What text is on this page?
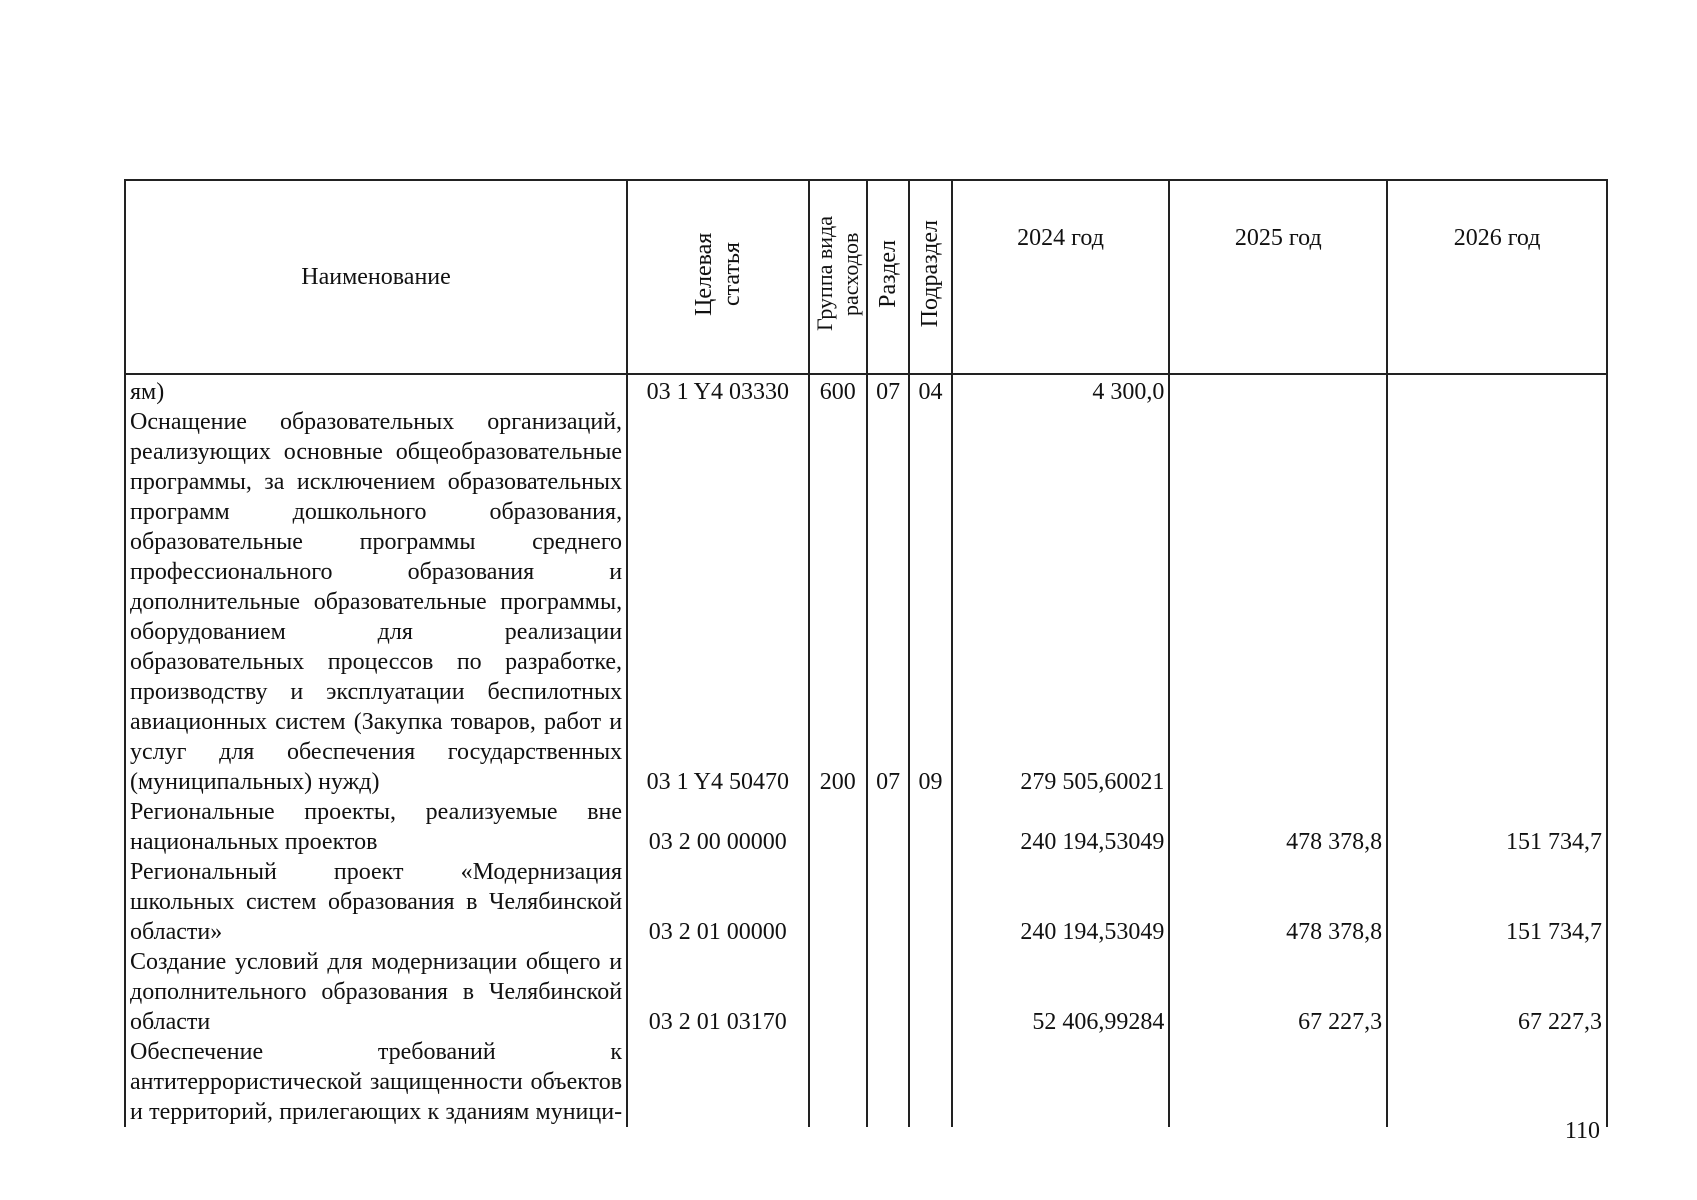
Наименование	Целевая статья	Группа вида расходов	Раздел	Подраздел	2024 год	2025 год	2026 год
ям)	03 1 Y4 03330	600	07	04	4 300,0		
Оснащение образовательных организаций, реализующих основные общеобразовательные программы, за исключением образовательных программ дошкольного образования, образовательные программы среднего профессионального образования и дополнительные образовательные программы, оборудованием для реализации образовательных процессов по разработке, производству и эксплуатации беспилотных авиационных систем (Закупка товаров, работ и услуг для обеспечения государственных (муниципальных) нужд)	03 1 Y4 50470	200	07	09	279 505,60021		
Региональные проекты, реализуемые вне национальных проектов	03 2 00 00000				240 194,53049	478 378,8	151 734,7
Региональный проект «Модернизация школьных систем образования в Челябинской области»	03 2 01 00000				240 194,53049	478 378,8	151 734,7
Создание условий для модернизации общего и дополнительного образования в Челябинской области	03 2 01 03170				52 406,99284	67 227,3	67 227,3
Обеспечение требований к антитеррористической защищенности объектов и территорий, прилегающих к зданиям муници-							
110
